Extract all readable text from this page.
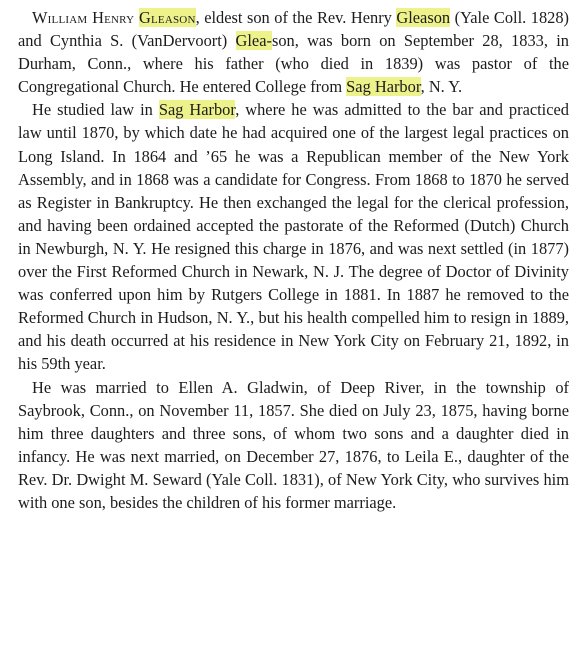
William Henry Gleason, eldest son of the Rev. Henry Gleason (Yale Coll. 1828) and Cynthia S. (VanDervoort) Glea-son, was born on September 28, 1833, in Durham, Conn., where his father (who died in 1839) was pastor of the Congregational Church. He entered College from Sag Harbor, N. Y.

He studied law in Sag Harbor, where he was admitted to the bar and practiced law until 1870, by which date he had acquired one of the largest legal practices on Long Island. In 1864 and ’65 he was a Republican member of the New York Assembly, and in 1868 was a candidate for Congress. From 1868 to 1870 he served as Register in Bankruptcy. He then exchanged the legal for the clerical profession, and having been ordained accepted the pastorate of the Reformed (Dutch) Church in Newburgh, N. Y. He resigned this charge in 1876, and was next settled (in 1877) over the First Reformed Church in Newark, N. J. The degree of Doctor of Divinity was conferred upon him by Rutgers College in 1881. In 1887 he removed to the Reformed Church in Hudson, N. Y., but his health compelled him to resign in 1889, and his death occurred at his residence in New York City on February 21, 1892, in his 59th year.

He was married to Ellen A. Gladwin, of Deep River, in the township of Saybrook, Conn., on November 11, 1857. She died on July 23, 1875, having borne him three daughters and three sons, of whom two sons and a daughter died in infancy. He was next married, on December 27, 1876, to Leila E., daughter of the Rev. Dr. Dwight M. Seward (Yale Coll. 1831), of New York City, who survives him with one son, besides the children of his former marriage.
